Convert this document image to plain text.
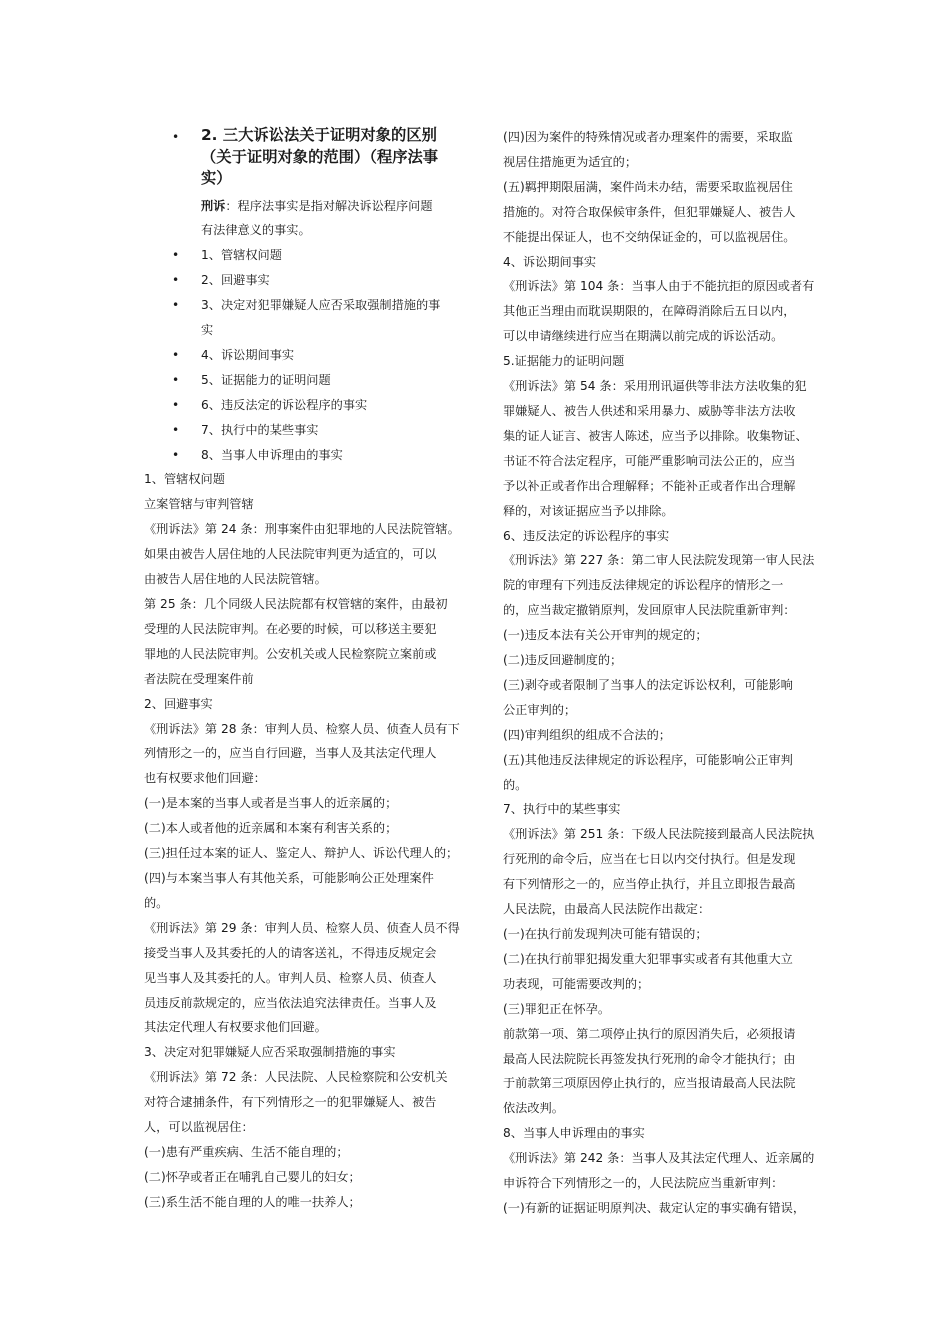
•	2. 三大诉讼法关于证明对象的区别
（关于证明对象的范围）（程序法事
实）
刑诉：程序法事实是指对解决诉讼程序问题
有法律意义的事实。
•	1、管辖权问题
•	2、回避事实
•	3、决定对犯罪嫌疑人应否采取强制措施的事
实
•	4、诉讼期间事实
•	5、证据能力的证明问题
•	6、违反法定的诉讼程序的事实
•	7、执行中的某些事实
•	8、当事人申诉理由的事实
1、管辖权问题
立案管辖与审判管辖
《刑诉法》第 24 条：刑事案件由犯罪地的人民法院管辖。
如果由被告人居住地的人民法院审判更为适宜的，可以
由被告人居住地的人民法院管辖。
第 25 条：几个同级人民法院都有权管辖的案件，由最初
受理的人民法院审判。在必要的时候，可以移送主要犯
罪地的人民法院审判。公安机关或人民检察院立案前或
者法院在受理案件前
2、回避事实
《刑诉法》第 28 条：审判人员、检察人员、侦查人员有下
列情形之一的，应当自行回避，当事人及其法定代理人
也有权要求他们回避：
(一)是本案的当事人或者是当事人的近亲属的；
(二)本人或者他的近亲属和本案有利害关系的；
(三)担任过本案的证人、鉴定人、辩护人、诉讼代理人的；
(四)与本案当事人有其他关系，可能影响公正处理案件
的。
《刑诉法》第 29 条：审判人员、检察人员、侦查人员不得
接受当事人及其委托的人的请客送礼，不得违反规定会
见当事人及其委托的人。审判人员、检察人员、侦查人
员违反前款规定的，应当依法追究法律责任。当事人及
其法定代理人有权要求他们回避。
3、决定对犯罪嫌疑人应否采取强制措施的事实
《刑诉法》第 72 条：人民法院、人民检察院和公安机关
对符合逮捕条件，有下列情形之一的犯罪嫌疑人、被告
人，可以监视居住：
(一)患有严重疾病、生活不能自理的；
(二)怀孕或者正在哺乳自己婴儿的妇女；
(三)系生活不能自理的人的唯一扶养人；
(四)因为案件的特殊情况或者办理案件的需要，采取监
视居住措施更为适宜的；
(五)羁押期限届满，案件尚未办结，需要采取监视居住
措施的。对符合取保候审条件，但犯罪嫌疑人、被告人
不能提出保证人，也不交纳保证金的，可以监视居住。
4、诉讼期间事实
《刑诉法》第 104 条：当事人由于不能抗拒的原因或者有
其他正当理由而耽误期限的，在障碍消除后五日以内，
可以申请继续进行应当在期满以前完成的诉讼活动。
5.证据能力的证明问题
《刑诉法》第 54 条：采用刑讯逼供等非法方法收集的犯
罪嫌疑人、被告人供述和采用暴力、威胁等非法方法收
集的证人证言、被害人陈述，应当予以排除。收集物证、
书证不符合法定程序，可能严重影响司法公正的，应当
予以补正或者作出合理解释；不能补正或者作出合理解
释的，对该证据应当予以排除。
6、违反法定的诉讼程序的事实
《刑诉法》第 227 条：第二审人民法院发现第一审人民法
院的审理有下列违反法律规定的诉讼程序的情形之一
的，应当裁定撤销原判，发回原审人民法院重新审判：
(一)违反本法有关公开审判的规定的；
(二)违反回避制度的；
(三)剥夺或者限制了当事人的法定诉讼权利，可能影响
公正审判的；
(四)审判组织的组成不合法的；
(五)其他违反法律规定的诉讼程序，可能影响公正审判
的。
7、执行中的某些事实
《刑诉法》第 251 条：下级人民法院接到最高人民法院执
行死刑的命令后，应当在七日以内交付执行。但是发现
有下列情形之一的，应当停止执行，并且立即报告最高
人民法院，由最高人民法院作出裁定：
(一)在执行前发现判决可能有错误的；
(二)在执行前罪犯揭发重大犯罪事实或者有其他重大立
功表现，可能需要改判的；
(三)罪犯正在怀孕。
前款第一项、第二项停止执行的原因消失后，必须报请
最高人民法院院长再签发执行死刑的命令才能执行；由
于前款第三项原因停止执行的，应当报请最高人民法院
依法改判。
8、当事人申诉理由的事实
《刑诉法》第 242 条：当事人及其法定代理人、近亲属的
申诉符合下列情形之一的，人民法院应当重新审判：
(一)有新的证据证明原判决、裁定认定的事实确有错误，
